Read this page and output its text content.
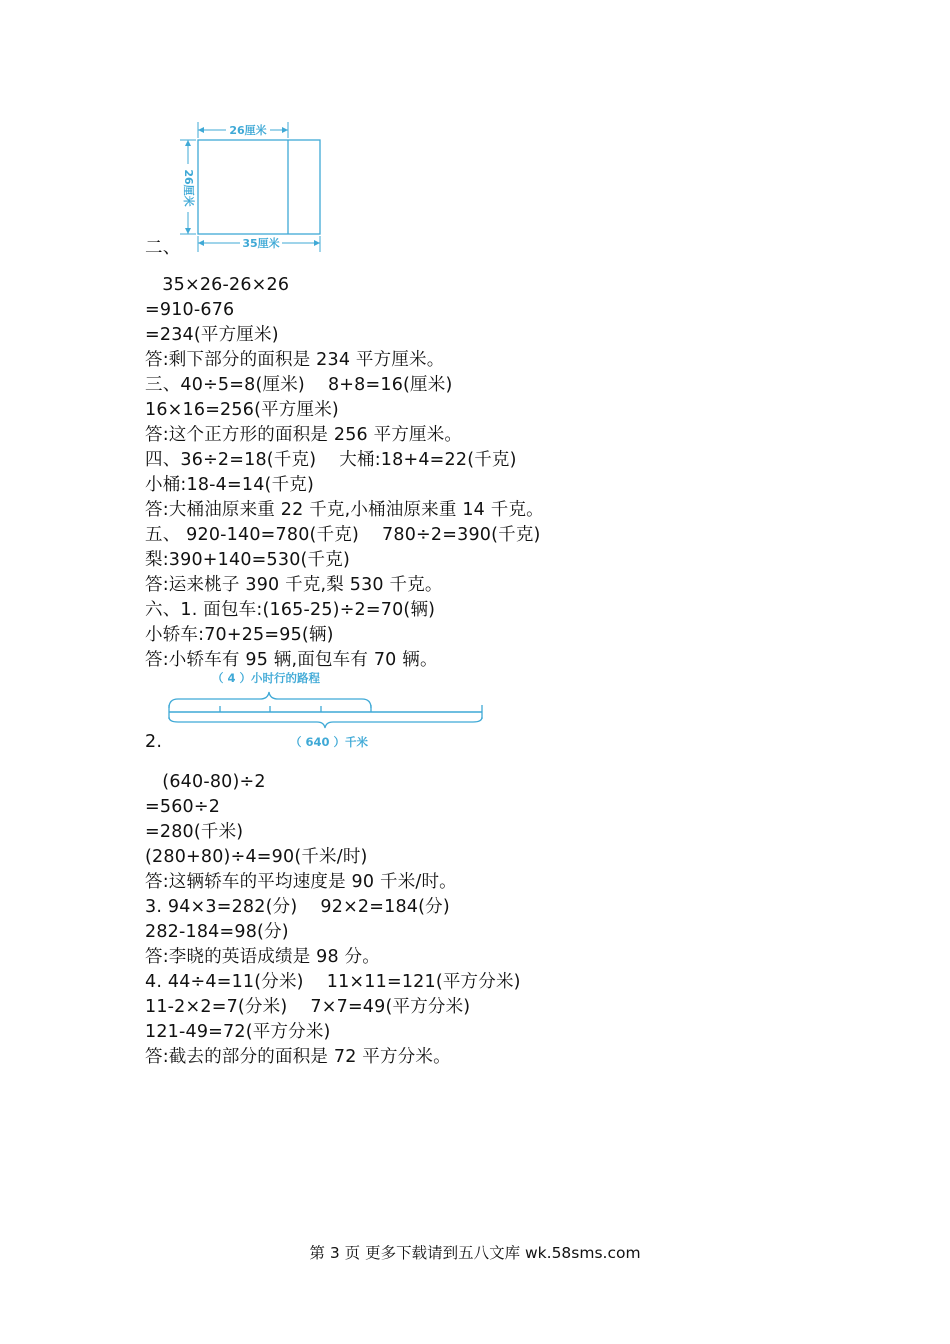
26厘米
26厘米
35厘米
二、
35×26-26×26
=910-676
=234(平方厘米)
答:剩下部分的面积是 234 平方厘米。
三、40÷5=8(厘米)    8+8=16(厘米)
16×16=256(平方厘米)
答:这个正方形的面积是 256 平方厘米。
四、36÷2=18(千克)    大桶:18+4=22(千克)
小桶:18-4=14(千克)
答:大桶油原来重 22 千克,小桶油原来重 14 千克。
五、 920-140=780(千克)    780÷2=390(千克)
梨:390+140=530(千克)
答:运来桃子 390 千克,梨 530 千克。
六、1. 面包车:(165-25)÷2=70(辆)
小轿车:70+25=95(辆)
答:小轿车有 95 辆,面包车有 70 辆。
（ 4 ）小时行的路程
（ 640 ）千米
2.
(640-80)÷2
=560÷2
=280(千米)
(280+80)÷4=90(千米/时)
答:这辆轿车的平均速度是 90 千米/时。
3. 94×3=282(分)    92×2=184(分)
282-184=98(分)
答:李晓的英语成绩是 98 分。
4. 44÷4=11(分米)    11×11=121(平方分米)
11-2×2=7(分米)    7×7=49(平方分米)
121-49=72(平方分米)
答:截去的部分的面积是 72 平方分米。
第 3 页 更多下载请到五八文库 wk.58sms.com
